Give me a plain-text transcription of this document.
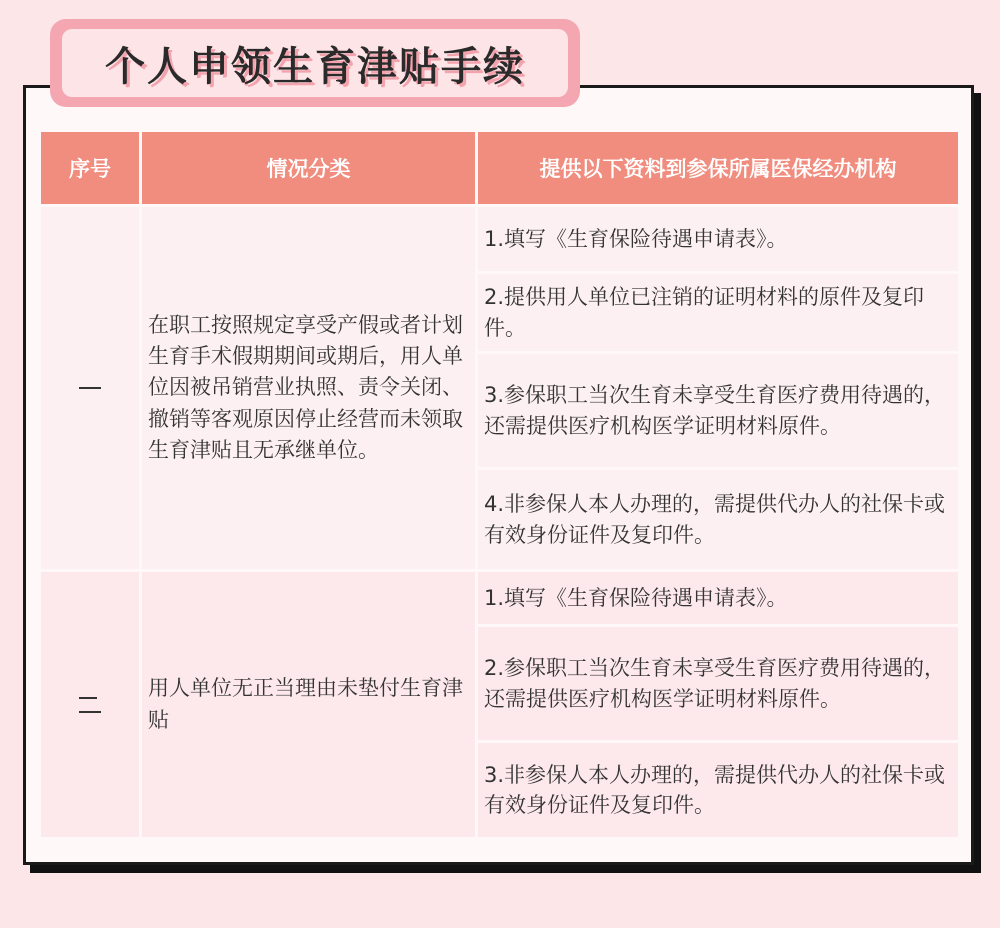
个人申领生育津贴手续
序号	情况分类	提供以下资料到参保所属医保经办机构
在职工按照规定享受产假或者计划生育手术假期期间或期后，用人单位因被吊销营业执照、责令关闭、撤销等客观原因停止经营而未领取生育津贴且无承继单位。
1.填写《生育保险待遇申请表》。
2.提供用人单位已注销的证明材料的原件及复印件。
3.参保职工当次生育未享受生育医疗费用待遇的，还需提供医疗机构医学证明材料原件。
4.非参保人本人办理的，需提供代办人的社保卡或有效身份证件及复印件。
用人单位无正当理由未垫付生育津贴
1.填写《生育保险待遇申请表》。
2.参保职工当次生育未享受生育医疗费用待遇的，还需提供医疗机构医学证明材料原件。
3.非参保人本人办理的，需提供代办人的社保卡或有效身份证件及复印件。
